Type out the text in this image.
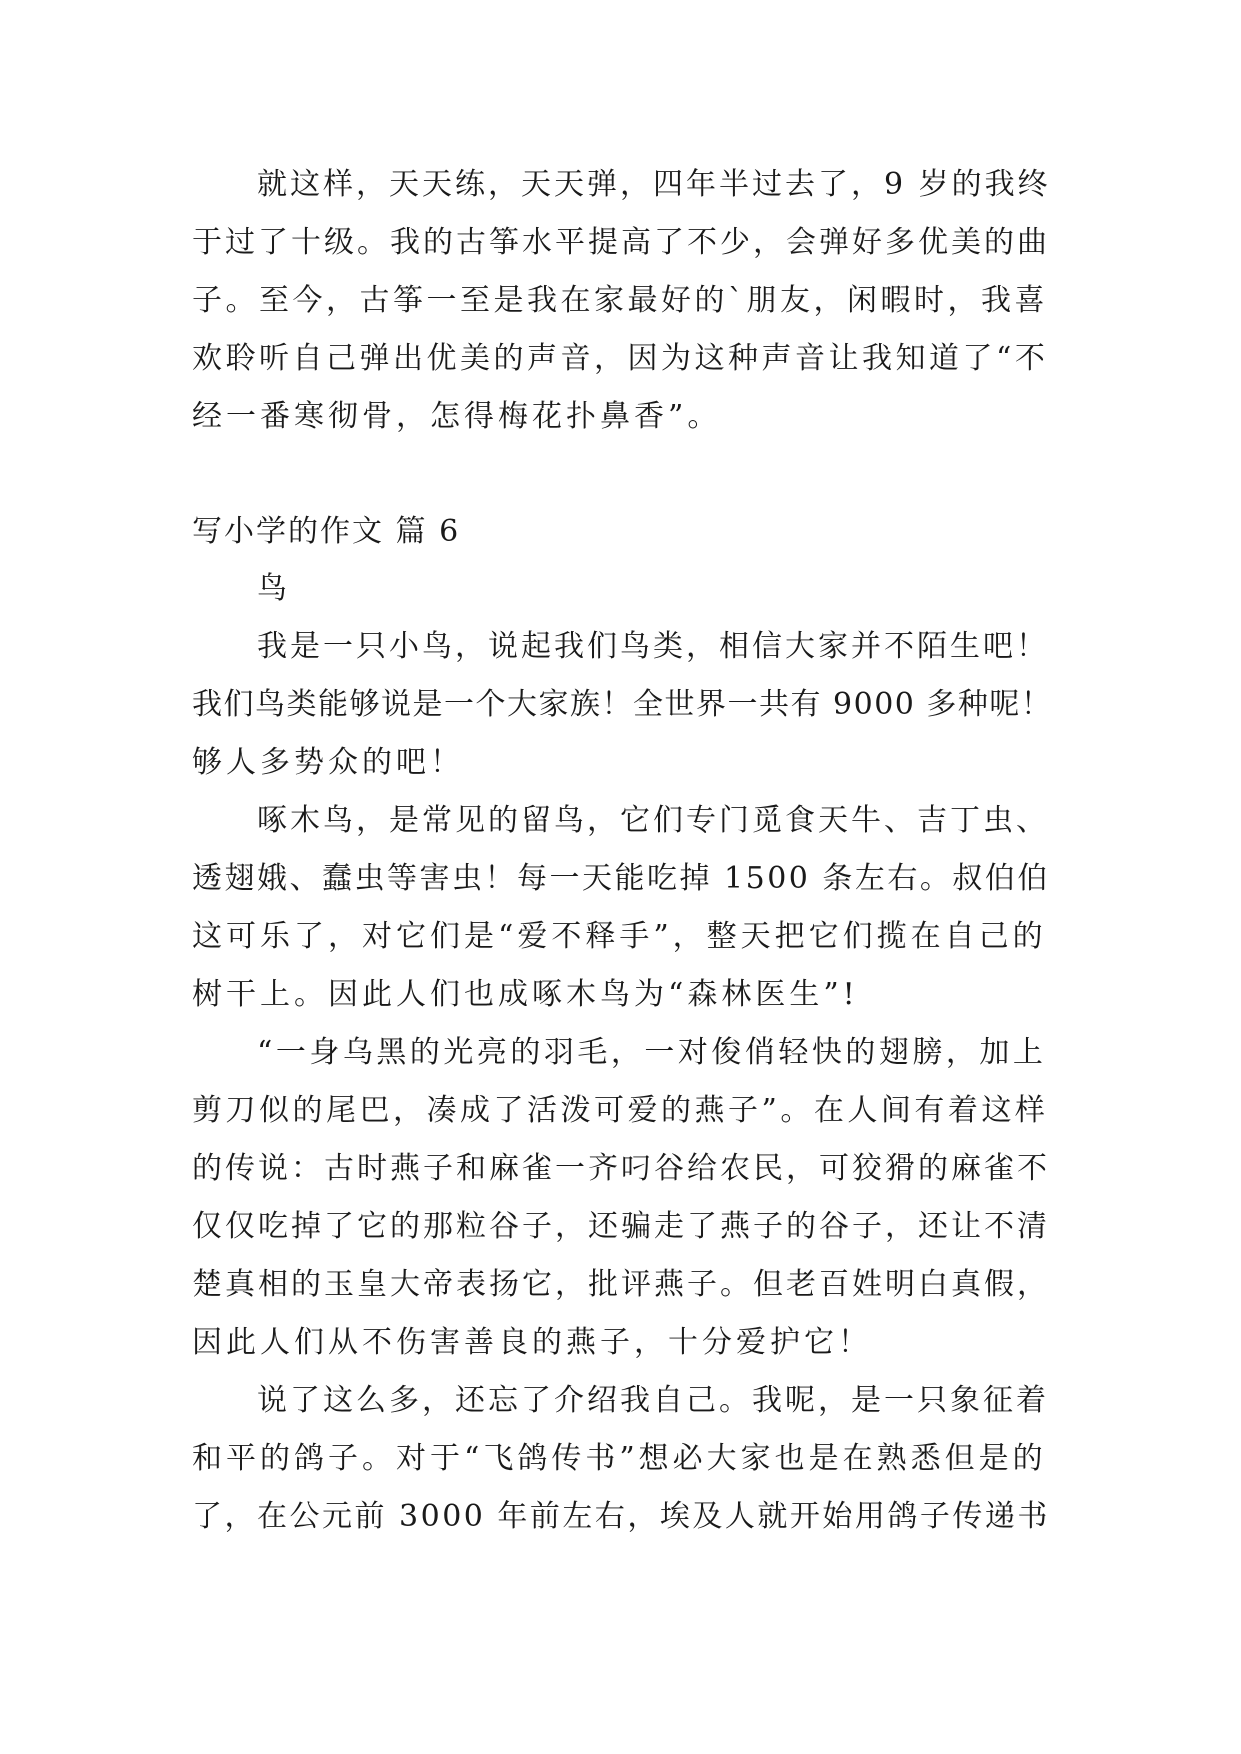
就这样，天天练，天天弹，四年半过去了，9 岁的我终
于过了十级。我的古筝水平提高了不少，会弹好多优美的曲
子。至今，古筝一至是我在家最好的`朋友，闲暇时，我喜
欢聆听自己弹出优美的声音，因为这种声音让我知道了“不
经一番寒彻骨，怎得梅花扑鼻香”。
写小学的作文 篇 6
鸟
我是一只小鸟，说起我们鸟类，相信大家并不陌生吧！
我们鸟类能够说是一个大家族！全世界一共有 9000 多种呢！
够人多势众的吧！
啄木鸟，是常见的留鸟，它们专门觅食天牛、吉丁虫、
透翅娥、蠢虫等害虫！每一天能吃掉 1500 条左右。叔伯伯
这可乐了，对它们是“爱不释手”，整天把它们揽在自己的
树干上。因此人们也成啄木鸟为“森林医生”!
“一身乌黑的光亮的羽毛，一对俊俏轻快的翅膀，加上
剪刀似的尾巴，凑成了活泼可爱的燕子”。在人间有着这样
的传说：古时燕子和麻雀一齐叼谷给农民，可狡猾的麻雀不
仅仅吃掉了它的那粒谷子，还骗走了燕子的谷子，还让不清
楚真相的玉皇大帝表扬它，批评燕子。但老百姓明白真假，
因此人们从不伤害善良的燕子，十分爱护它！
说了这么多，还忘了介绍我自己。我呢，是一只象征着
和平的鸽子。对于“飞鸽传书”想必大家也是在熟悉但是的
了，在公元前 3000 年前左右，埃及人就开始用鸽子传递书
